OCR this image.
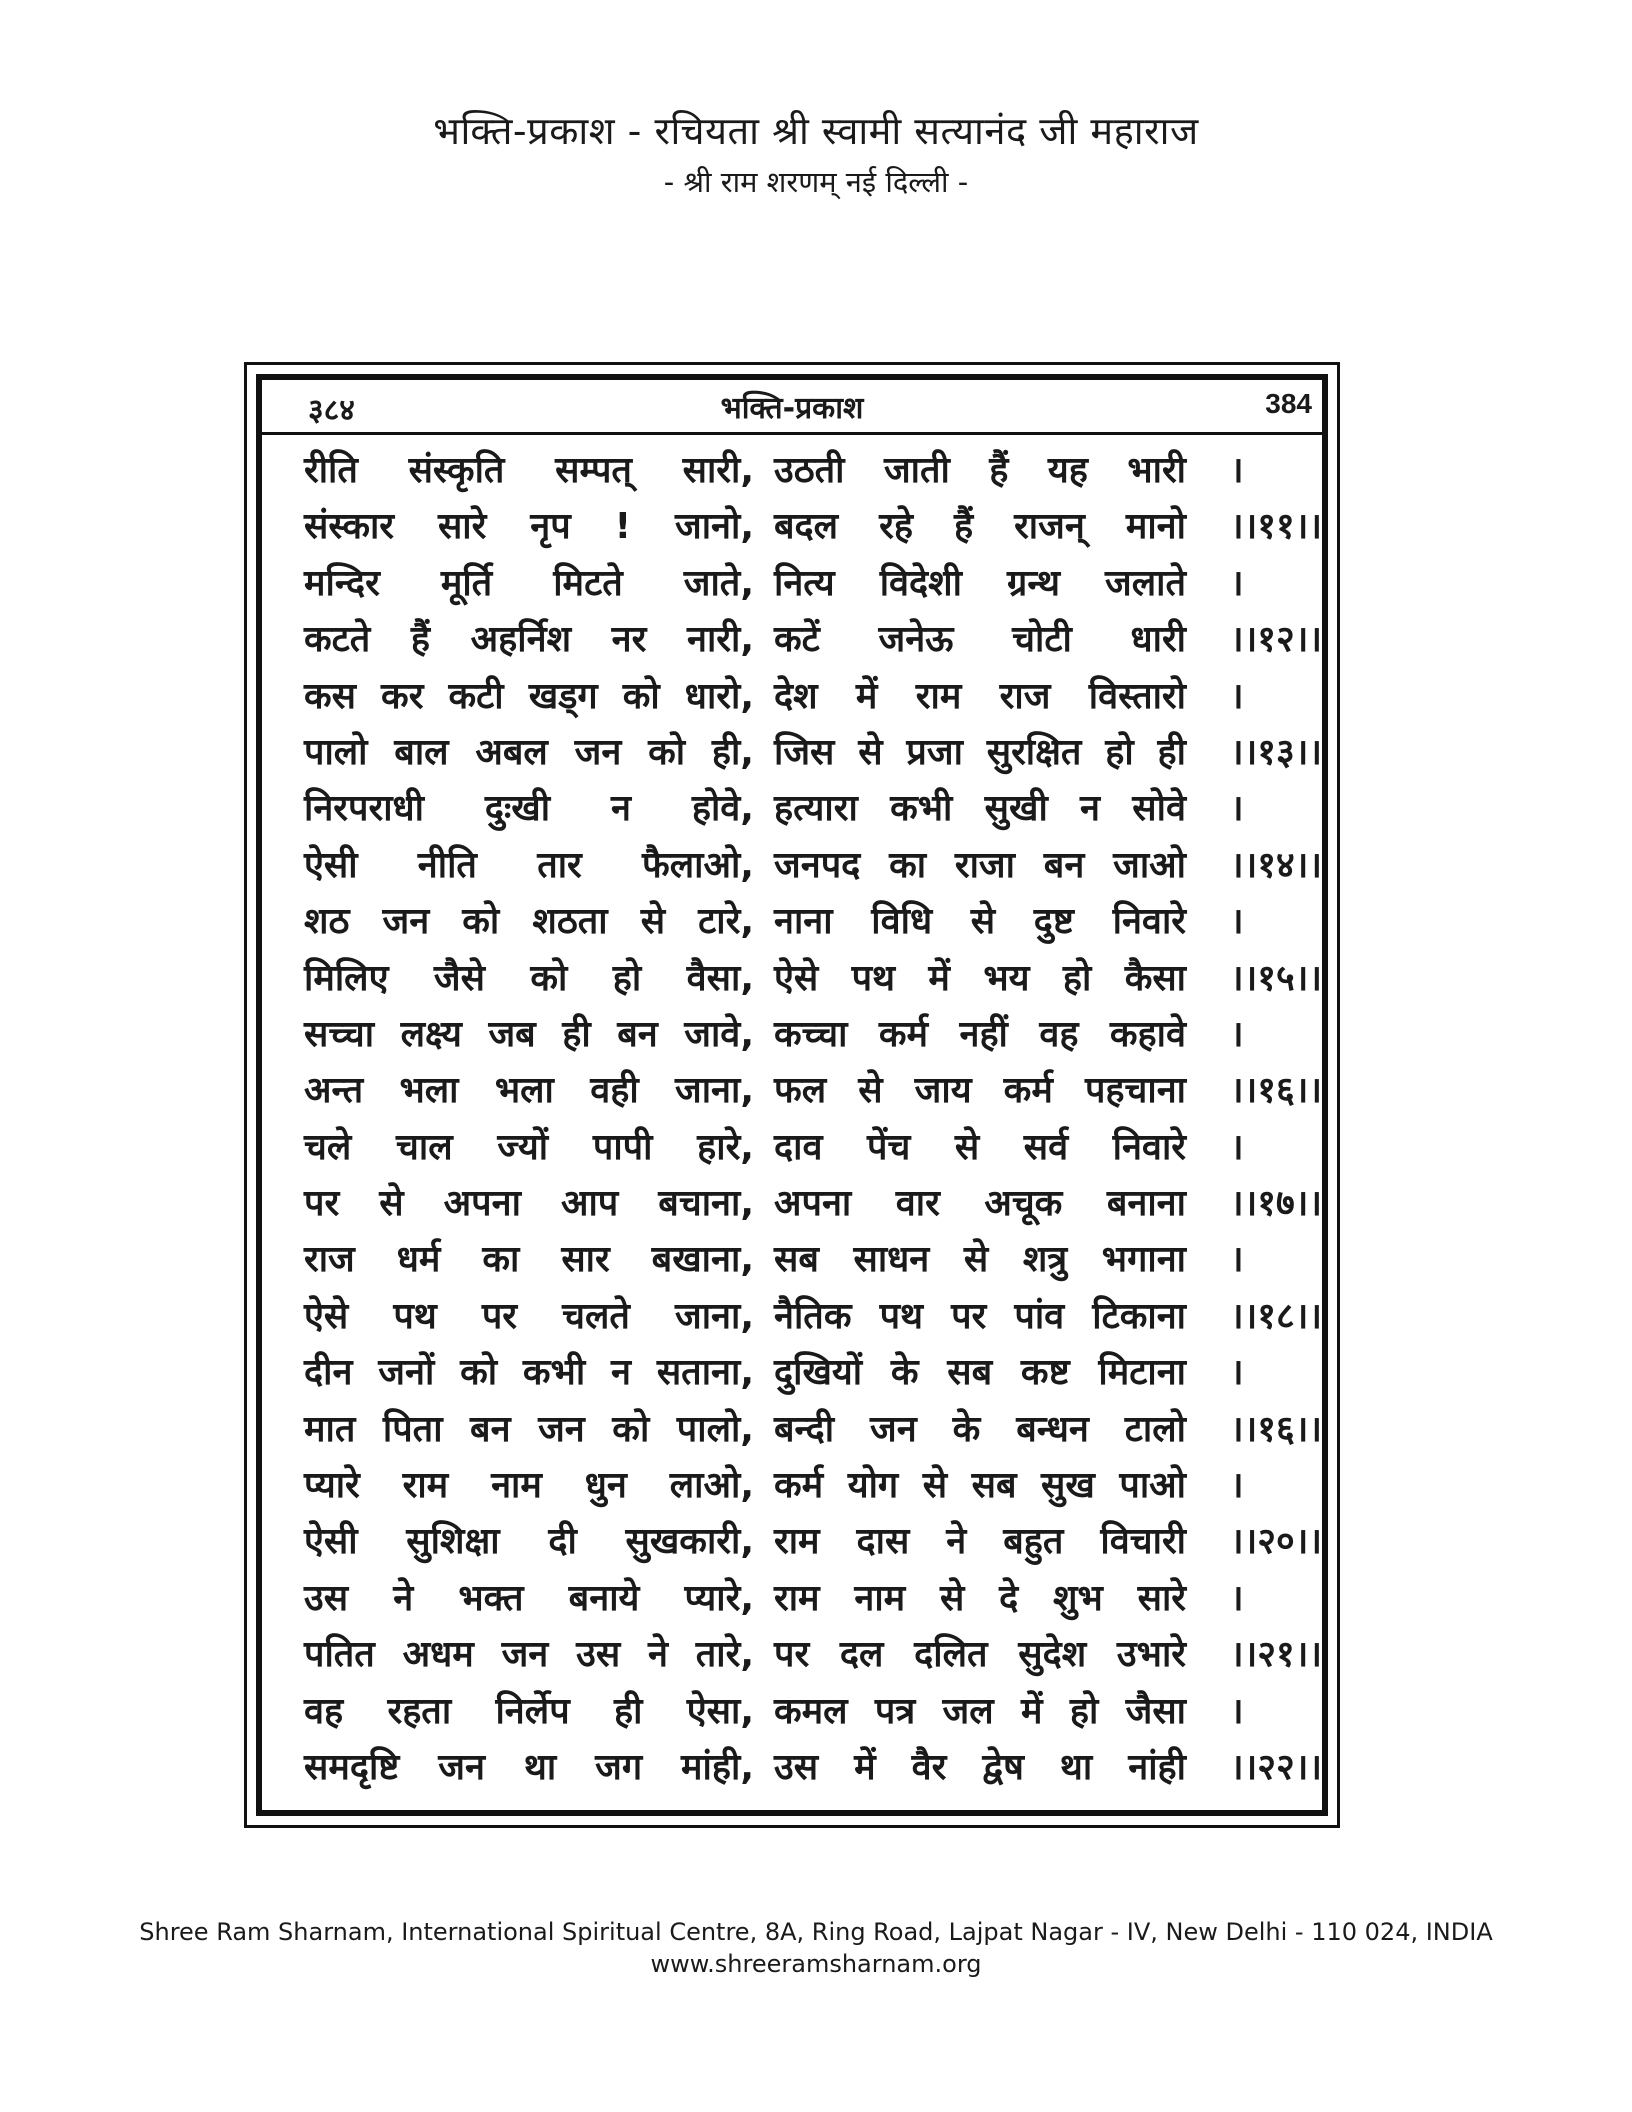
भक्ति-प्रकाश - रचियता श्री स्वामी सत्यानंद जी महाराज
- श्री राम शरणम् नई दिल्ली -
३८४	भक्ति-प्रकाश	384
रीति संस्कृति सम्पत् सारी, उठती जाती हैं यह भारी ।
संस्कार सारे नृप ! जानो, बदल रहे हैं राजन् मानो ।।११।।
मन्दिर मूर्ति मिटते जाते, नित्य विदेशी ग्रन्थ जलाते ।
कटते हैं अहर्निश नर नारी, कटें जनेऊ चोटी धारी ।।१२।।
कस कर कटी खड्ग को धारो, देश में राम राज विस्तारो ।
पालो बाल अबल जन को ही, जिस से प्रजा सुरक्षित हो ही ।।१३।।
निरपराधी दुःखी न होवे, हत्यारा कभी सुखी न सोवे ।
ऐसी नीति तार फैलाओ, जनपद का राजा बन जाओ ।।१४।।
शठ जन को शठता से टारे, नाना विधि से दुष्ट निवारे ।
मिलिए जैसे को हो वैसा, ऐसे पथ में भय हो कैसा ।।१५।।
सच्चा लक्ष्य जब ही बन जावे, कच्चा कर्म नहीं वह कहावे ।
अन्त भला भला वही जाना, फल से जाय कर्म पहचाना ।।१६।।
चले चाल ज्यों पापी हारे, दाव पेंच से सर्व निवारे ।
पर से अपना आप बचाना, अपना वार अचूक बनाना ।।१७।।
राज धर्म का सार बखाना, सब साधन से शत्रु भगाना ।
ऐसे पथ पर चलते जाना, नैतिक पथ पर पांव टिकाना ।।१८।।
दीन जनों को कभी न सताना, दुखियों के सब कष्ट मिटाना ।
मात पिता बन जन को पालो, बन्दी जन के बन्धन टालो ।।१६।।
प्यारे राम नाम धुन लाओ, कर्म योग से सब सुख पाओ ।
ऐसी सुशिक्षा दी सुखकारी, राम दास ने बहुत विचारी ।।२०।।
उस ने भक्त बनाये प्यारे, राम नाम से दे शुभ सारे ।
पतित अधम जन उस ने तारे, पर दल दलित सुदेश उभारे ।।२१।।
वह रहता निर्लेप ही ऐसा, कमल पत्र जल में हो जैसा ।
समदृष्टि जन था जग मांही, उस में वैर द्वेष था नांही ।।२२।।
Shree Ram Sharnam, International Spiritual Centre, 8A, Ring Road, Lajpat Nagar - IV, New Delhi - 110 024, INDIA
www.shreeramsharnam.org
